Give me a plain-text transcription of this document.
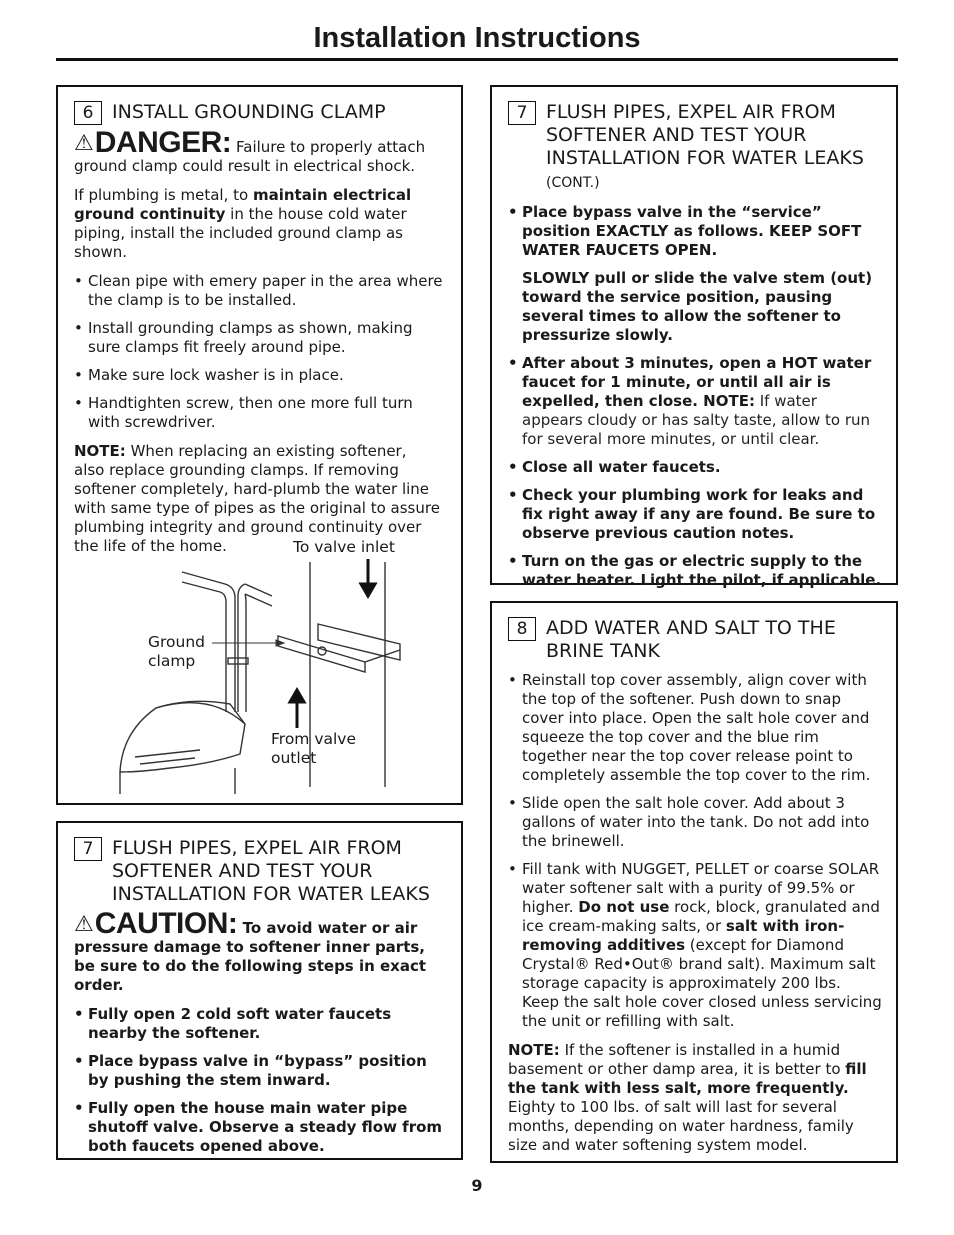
Installation Instructions
6 INSTALL GROUNDING CLAMP
⚠DANGER: Failure to properly attach ground clamp could result in electrical shock.

If plumbing is metal, to maintain electrical ground continuity in the house cold water piping, install the included ground clamp as shown.

• Clean pipe with emery paper in the area where the clamp is to be installed.
• Install grounding clamps as shown, making sure clamps fit freely around pipe.
• Make sure lock washer is in place.
• Handtighten screw, then one more full turn with screwdriver.

NOTE: When replacing an existing softener, also replace grounding clamps. If removing softener completely, hard-plumb the water line with same type of pipes as the original to assure plumbing integrity and ground continuity over the life of the home.	To valve inlet
Ground
clamp
From valve
outlet
7 FLUSH PIPES, EXPEL AIR FROM SOFTENER AND TEST YOUR INSTALLATION FOR WATER LEAKS
⚠CAUTION: To avoid water or air pressure damage to softener inner parts, be sure to do the following steps in exact order.
• Fully open 2 cold soft water faucets nearby the softener.
• Place bypass valve in “bypass” position by pushing the stem inward.
• Fully open the house main water pipe shutoff valve. Observe a steady flow from both faucets opened above.
7 FLUSH PIPES, EXPEL AIR FROM SOFTENER AND TEST YOUR INSTALLATION FOR WATER LEAKS (CONT.)
• Place bypass valve in the “service” position EXACTLY as follows. KEEP SOFT WATER FAUCETS OPEN.
SLOWLY pull or slide the valve stem (out) toward the service position, pausing several times to allow the softener to pressurize slowly.
• After about 3 minutes, open a HOT water faucet for 1 minute, or until all air is expelled, then close. NOTE: If water appears cloudy or has salty taste, allow to run for several more minutes, or until clear.
• Close all water faucets.
• Check your plumbing work for leaks and fix right away if any are found. Be sure to observe previous caution notes.
• Turn on the gas or electric supply to the water heater. Light the pilot, if applicable.
8 ADD WATER AND SALT TO THE BRINE TANK
• Reinstall top cover assembly, align cover with the top of the softener. Push down to snap cover into place. Open the salt hole cover and squeeze the top cover and the blue rim together near the top cover release point to completely assemble the top cover to the rim.
• Slide open the salt hole cover. Add about 3 gallons of water into the tank. Do not add into the brinewell.
• Fill tank with NUGGET, PELLET or coarse SOLAR water softener salt with a purity of 99.5% or higher. Do not use rock, block, granulated and ice cream-making salts, or salt with iron-removing additives (except for Diamond Crystal® Red•Out® brand salt). Maximum salt storage capacity is approximately 200 lbs. Keep the salt hole cover closed unless servicing the unit or refilling with salt.

NOTE: If the softener is installed in a humid basement or other damp area, it is better to fill the tank with less salt, more frequently. Eighty to 100 lbs. of salt will last for several months, depending on water hardness, family size and water softening system model.

9
